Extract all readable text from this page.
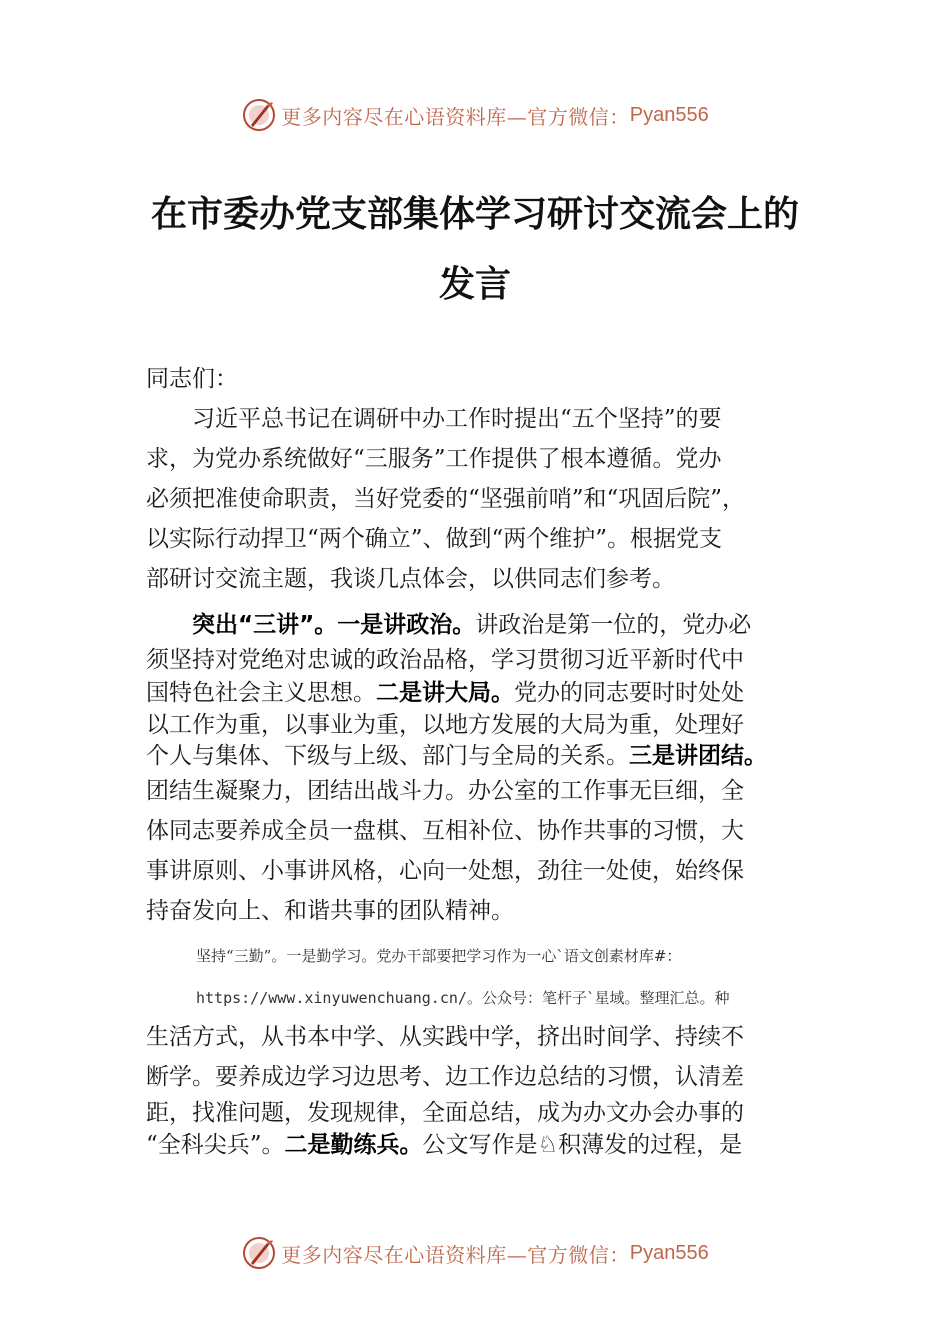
更多内容尽在心语资料库—官方微信： Pyan556
在市委办党支部集体学习研讨交流会上的
发言

同志们：

　　习近平总书记在调研中办工作时提出“五个坚持”的要

求，为党办系统做好“三服务”工作提供了根本遵循。党办

必须把准使命职责，当好党委的“坚强前哨”和“巩固后院”，

以实际行动捍卫“两个确立”、做到“两个维护”。根据党支

部研讨交流主题，我谈几点体会，以供同志们参考。

突出“三讲”。一是讲政治。讲政治是第一位的，党办必

须坚持对党绝对忠诚的政治品格，学习贯彻习近平新时代中

国特色社会主义思想。二是讲大局。党办的同志要时时处处

以工作为重，以事业为重，以地方发展的大局为重，处理好

个人与集体、下级与上级、部门与全局的关系。三是讲团结。

团结生凝聚力，团结出战斗力。办公室的工作事无巨细，全

体同志要养成全员一盘棋、互相补位、协作共事的习惯，大

事讲原则、小事讲风格，心向一处想，劲往一处使，始终保

持奋发向上、和谐共事的团队精神。

坚持“三勤”。一是勤学习。党办干部要把学习作为一心`语文创素材库#：
https://www.xinyuwenchuang.cn/。公众号：笔杆子`星域。整理汇总。种

生活方式，从书本中学、从实践中学，挤出时间学、持续不

断学。要养成边学习边思考、边工作边总结的习惯，认清差

距，找准问题，发现规律，全面总结，成为办文办会办事的

“全科尖兵”。二是勤练兵。公文写作是♘积薄发的过程，是

更多内容尽在心语资料库—官方微信： Pyan556
